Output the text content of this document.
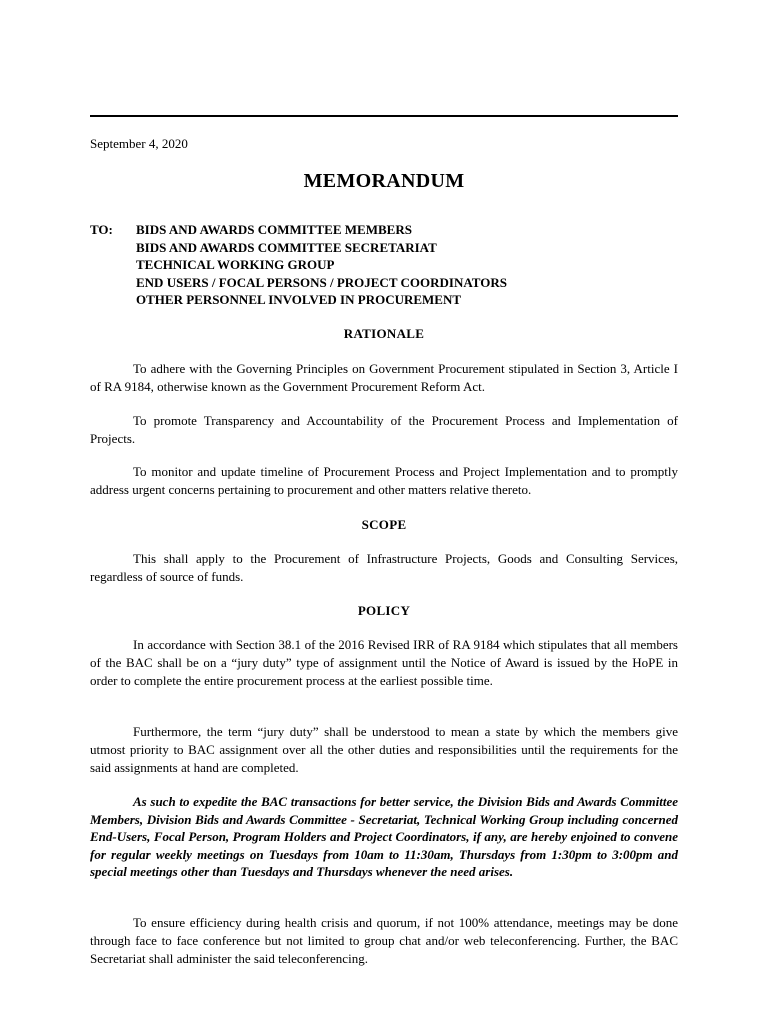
September 4, 2020
MEMORANDUM
TO: BIDS AND AWARDS COMMITTEE MEMBERS
BIDS AND AWARDS COMMITTEE SECRETARIAT
TECHNICAL WORKING GROUP
END USERS / FOCAL PERSONS / PROJECT COORDINATORS
OTHER PERSONNEL INVOLVED IN PROCUREMENT
RATIONALE

To adhere with the Governing Principles on Government Procurement stipulated in Section 3, Article I of RA 9184, otherwise known as the Government Procurement Reform Act.

To promote Transparency and Accountability of the Procurement Process and Implementation of Projects.

To monitor and update timeline of Procurement Process and Project Implementation and to promptly address urgent concerns pertaining to procurement and other matters relative thereto.

SCOPE

This shall apply to the Procurement of Infrastructure Projects, Goods and Consulting Services, regardless of source of funds.

POLICY

In accordance with Section 38.1 of the 2016 Revised IRR of RA 9184 which stipulates that all members of the BAC shall be on a “jury duty” type of assignment until the Notice of Award is issued by the HoPE in order to complete the entire procurement process at the earliest possible time.

Furthermore, the term “jury duty” shall be understood to mean a state by which the members give utmost priority to BAC assignment over all the other duties and responsibilities until the requirements for the said assignments at hand are completed.

As such to expedite the BAC transactions for better service, the Division Bids and Awards Committee Members, Division Bids and Awards Committee - Secretariat, Technical Working Group including concerned End-Users, Focal Person, Program Holders and Project Coordinators, if any, are hereby enjoined to convene for regular weekly meetings on Tuesdays from 10am to 11:30am, Thursdays from 1:30pm to 3:00pm and special meetings other than Tuesdays and Thursdays whenever the need arises.

To ensure efficiency during health crisis and quorum, if not 100% attendance, meetings may be done through face to face conference but not limited to group chat and/or web teleconferencing. Further, the BAC Secretariat shall administer the said teleconferencing.
